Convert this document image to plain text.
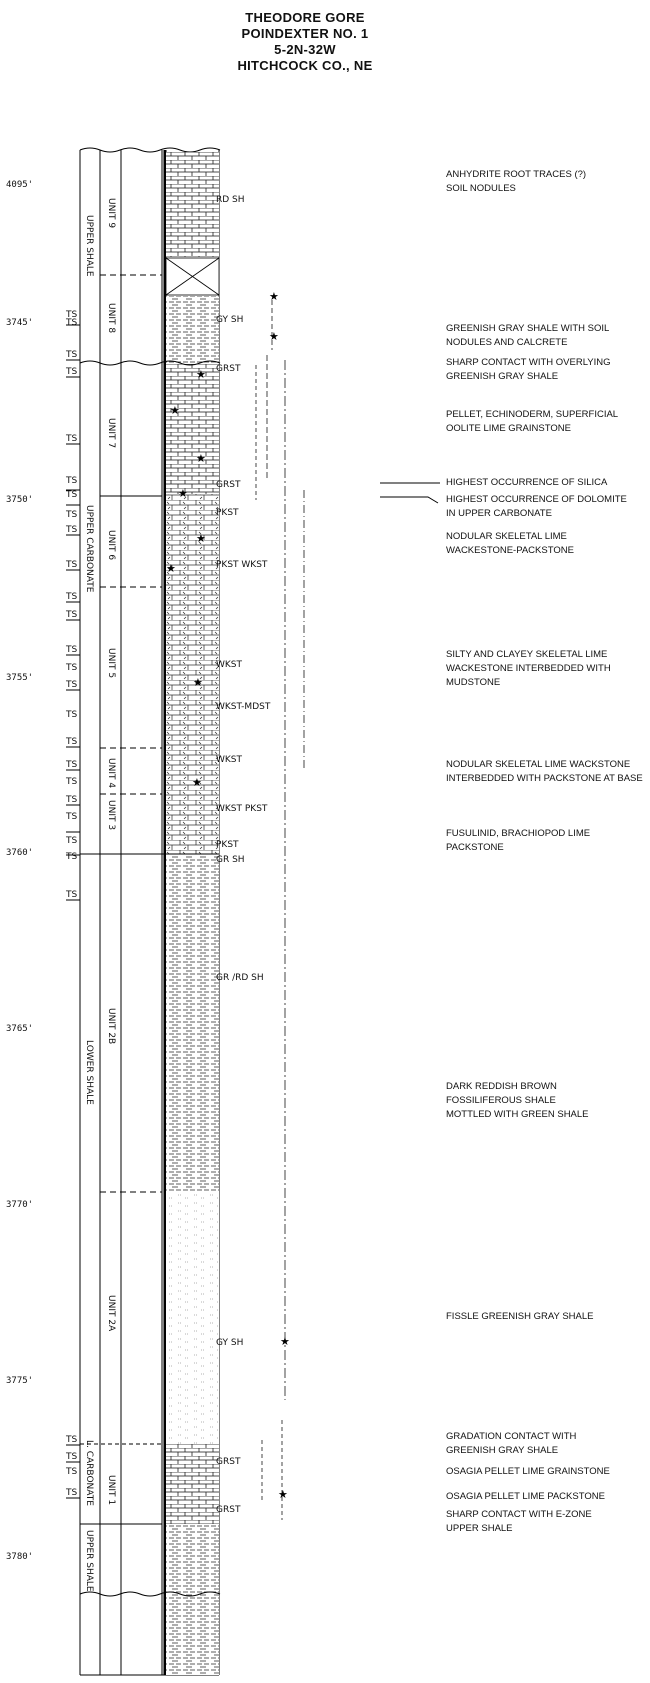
THEODORE GORE
POINDEXTER NO. 1
5-2N-32W
HITCHCOCK CO., NE
★
★
★
★
★
★
★
★
★
★
★
★
4095'
3745'
3750'
3755'
3760'
3765'
3770'
3775'
3780'
TS
TS
TS
TS
TS
TS
TS
TS
TS
TS
TS
TS
TS
TS
TS
TS
TS
TS
TS
TS
TS
TS
TS
TS
TS
TS
TS
TS
UPPER SHALE
UPPER CARBONATE
LOWER SHALE
L. CARBONATE
UPPER SHALE
UNIT 9
UNIT 8
UNIT 7
UNIT 6
UNIT 5
UNIT 4
UNIT 3
UNIT 2B
UNIT 2A
UNIT 1
RD SH
GY SH
GRST
GRST
PKST
PKST WKST
WKST
WKST-MDST
WKST
WKST PKST
PKST
GR SH
GR /RD SH
GY SH
GRST
GRST
ANHYDRITE ROOT TRACES (?)
SOIL NODULES
GREENISH GRAY SHALE WITH SOIL
NODULES AND CALCRETE
SHARP CONTACT WITH OVERLYING
GREENISH GRAY SHALE
PELLET, ECHINODERM, SUPERFICIAL
OOLITE LIME GRAINSTONE
HIGHEST OCCURRENCE OF SILICA
HIGHEST OCCURRENCE OF DOLOMITE
IN UPPER CARBONATE
NODULAR SKELETAL LIME
WACKESTONE-PACKSTONE
SILTY AND CLAYEY SKELETAL LIME
WACKESTONE INTERBEDDED WITH
MUDSTONE
NODULAR SKELETAL LIME WACKSTONE
INTERBEDDED WITH PACKSTONE AT BASE
FUSULINID, BRACHIOPOD LIME
PACKSTONE
DARK REDDISH BROWN
FOSSILIFEROUS SHALE
MOTTLED WITH GREEN SHALE
FISSLE GREENISH GRAY SHALE
GRADATION CONTACT WITH
GREENISH GRAY SHALE
OSAGIA PELLET LIME GRAINSTONE
OSAGIA PELLET LIME PACKSTONE
SHARP CONTACT WITH E-ZONE
UPPER SHALE
